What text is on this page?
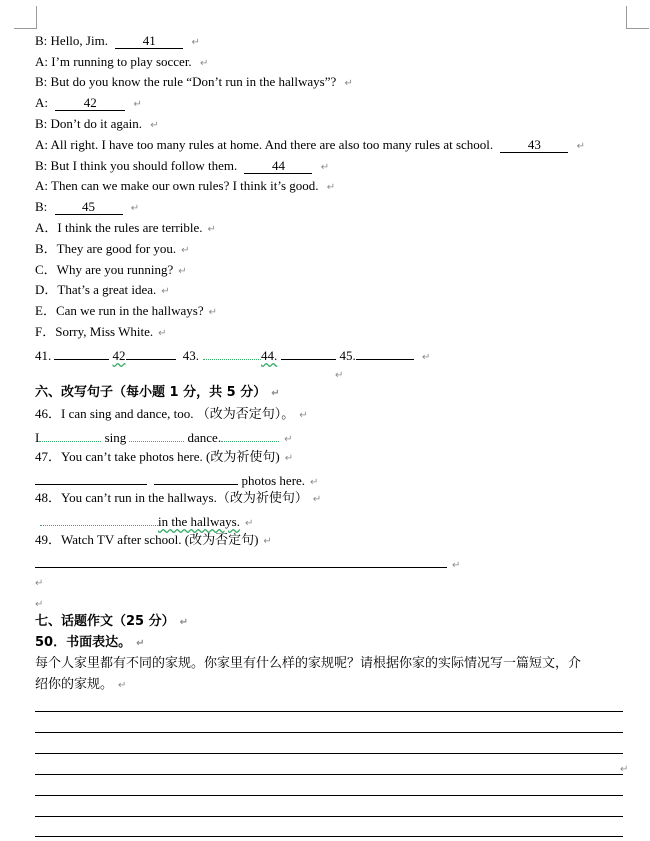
B: Hello, Jim.	41	↵
A: I’m running to play soccer. ↵
B: But do you know the rule “Don’t run in the hallways”? ↵
A:	42	↵
B: Don’t do it again. ↵
A: All right. I have too many rules at home. And there are also too many rules at school.	43	↵
B: But I think you should follow them.	44	↵
A: Then can we make our own rules? I think it’s good. ↵
B:	45	↵
A．I think the rules are terrible. ↵
B．They are good for you. ↵
C．Why are you running? ↵
D．That’s a great idea. ↵
E．Can we run in the hallways? ↵
F．Sorry, Miss White. ↵
41.	42	43.	44.	45.	↵
↵
六、改写句子（每小题 1 分，共 5 分） ↵
46．I can sing and dance, too. （改为否定句）。 ↵
I	sing	dance.	↵
47．You can’t take photos here. (改为祈使句) ↵
photos here. ↵
48．You can’t run in the hallways.（改为祈使句） ↵
in the hallways. ↵
49．Watch TV after school. (改为否定句) ↵
↵
↵
↵
七、话题作文（25 分） ↵
50．书面表达。 ↵
每个人家里都有不同的家规。你家里有什么样的家规呢？请根据你家的实际情况写一篇短文，介
绍你的家规。 ↵
↵
